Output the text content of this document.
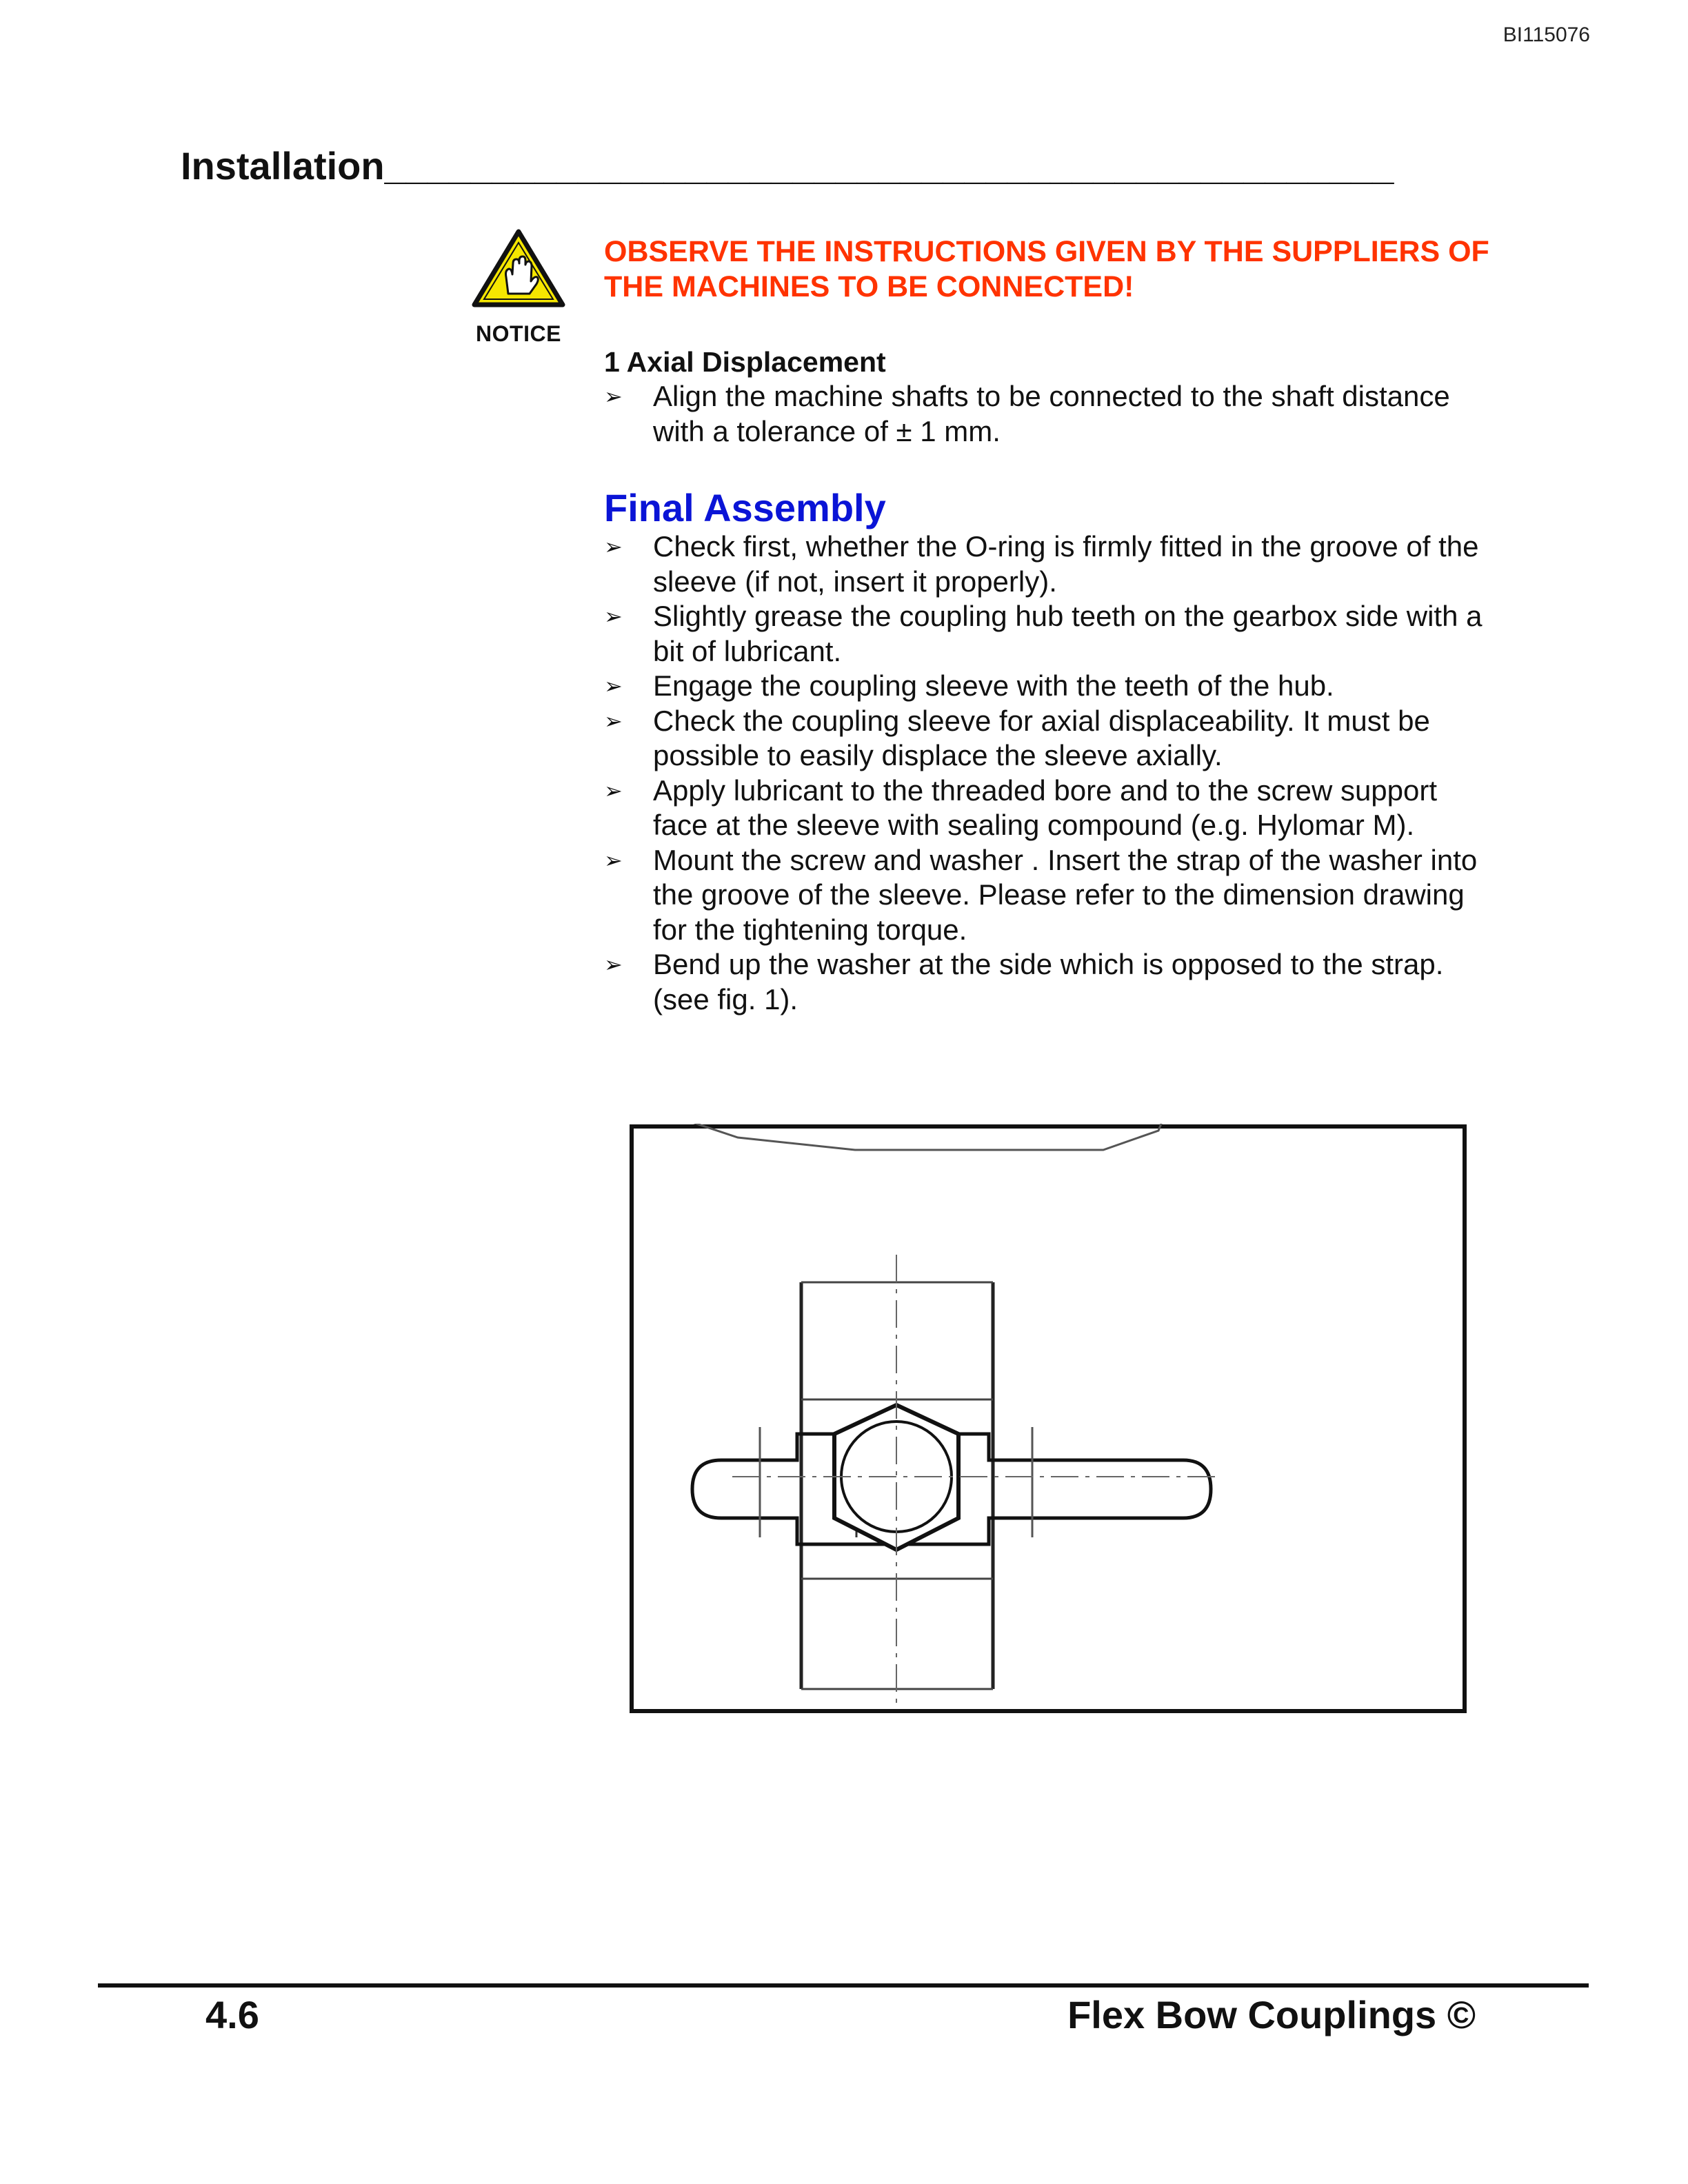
BI115076
Installation_______________________________________________
NOTICE

OBSERVE THE INSTRUCTIONS GIVEN BY THE SUPPLIERS OF THE MACHINES TO BE CONNECTED!

1 Axial Displacement

➢ Align the machine shafts to be connected to the shaft distance with a tolerance of ± 1 mm.

Final Assembly

➢ Check first, whether the O-ring is firmly fitted in the groove of the sleeve (if not, insert it properly).
➢ Slightly grease the coupling hub teeth on the gearbox side with a bit of lubricant.
➢ Engage the coupling sleeve with the teeth of the hub.
➢ Check the coupling sleeve for axial displaceability. It must be possible to easily displace the sleeve axially.
➢ Apply lubricant to the threaded bore and to the screw support face at the sleeve with sealing compound (e.g. Hylomar M).
➢ Mount the screw and washer . Insert the strap of the washer into the groove of the sleeve. Please refer to the dimension drawing for the tightening torque.
➢ Bend up the washer at the side which is opposed to the strap. (see fig. 1).
4.6	Flex Bow Couplings ©
